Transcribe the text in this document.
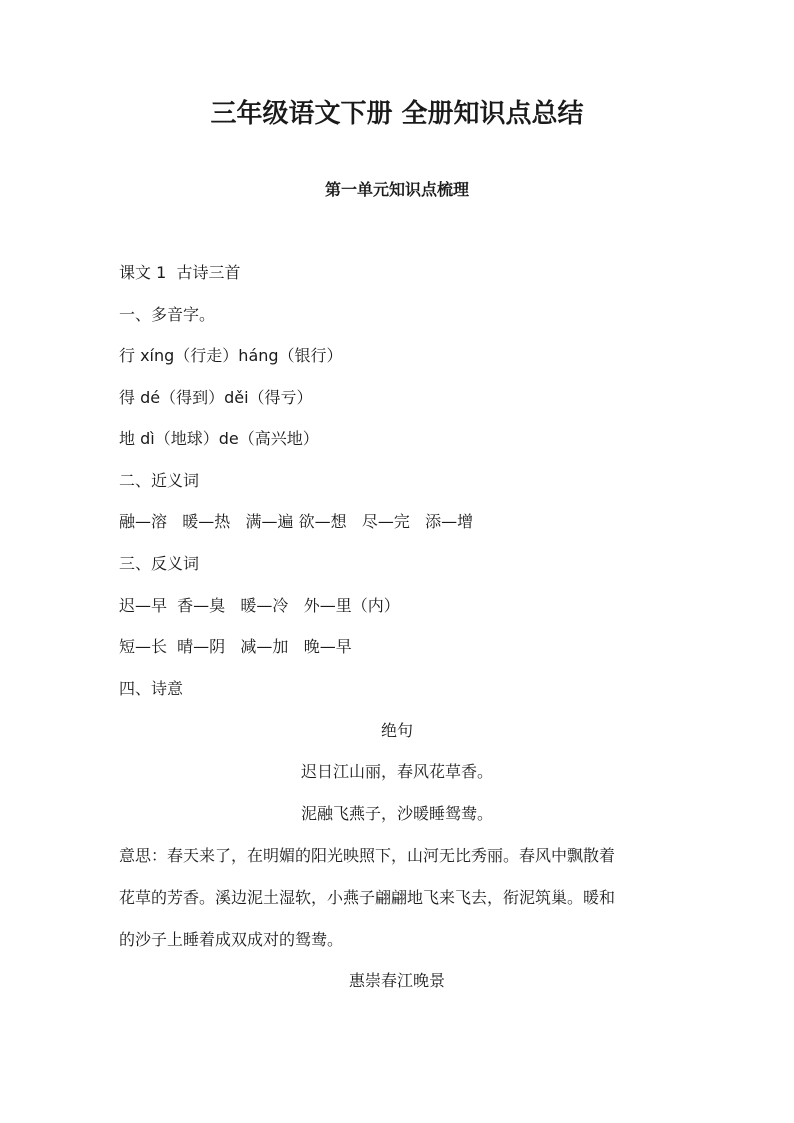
三年级语文下册 全册知识点总结
第一单元知识点梳理

课文 1  古诗三首

一、多音字。

行 xíng（行走）háng（银行）

得 dé（得到）děi（得亏）

地 dì（地球）de（高兴地）

二、近义词

融—溶   暖—热   满—遍 欲—想   尽—完   添—增

三、反义词

迟—早  香—臭   暖—冷   外—里（内）

短—长  晴—阴   减—加   晚—早

四、诗意

绝句

迟日江山丽，春风花草香。

泥融飞燕子，沙暖睡鸳鸯。

意思：春天来了，在明媚的阳光映照下，山河无比秀丽。春风中飘散着

花草的芳香。溪边泥土湿软，小燕子翩翩地飞来飞去，衔泥筑巢。暖和

的沙子上睡着成双成对的鸳鸯。

惠崇春江晚景
